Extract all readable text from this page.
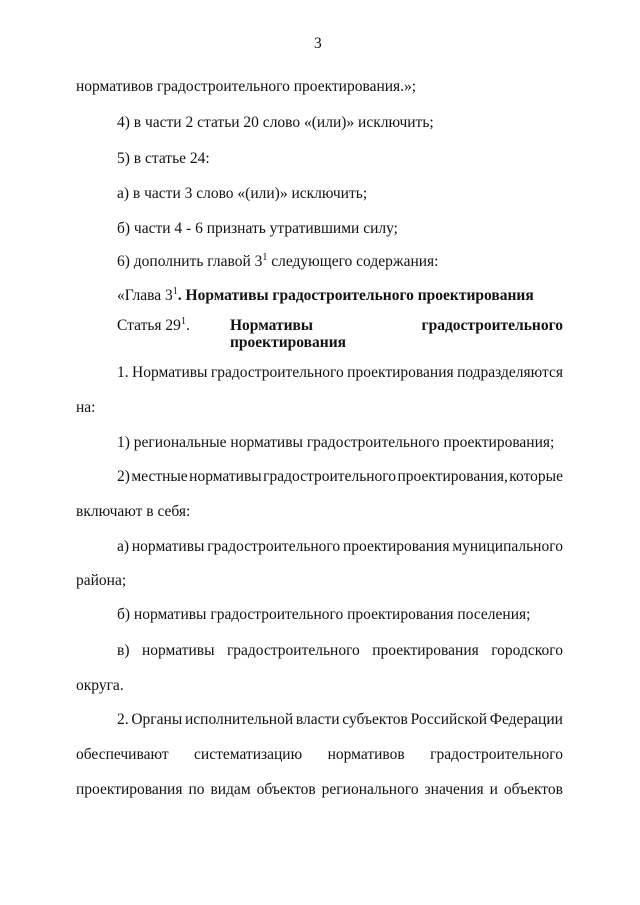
3
нормативов градостроительного проектирования.»;
4) в части 2 статьи 20 слово «(или)» исключить;
5) в статье 24:
а) в части 3 слово «(или)» исключить;
б) части 4 - 6 признать утратившими силу;
6) дополнить главой $3^1$ следующего содержания:
«Глава $3^1$. Нормативы градостроительного проектирования
Статья $29^1$.	Нормативы	градостроительного
проектирования
1. Нормативы градостроительного проектирования подразделяются
на:
1) региональные нормативы градостроительного проектирования;
2) местные нормативы градостроительного проектирования, которые
включают в себя:
а) нормативы градостроительного проектирования муниципального
района;
б) нормативы градостроительного проектирования поселения;
в) нормативы градостроительного проектирования городского
округа.
2. Органы исполнительной власти субъектов Российской Федерации
обеспечивают систематизацию нормативов градостроительного
проектирования по видам объектов регионального значения и объектов
